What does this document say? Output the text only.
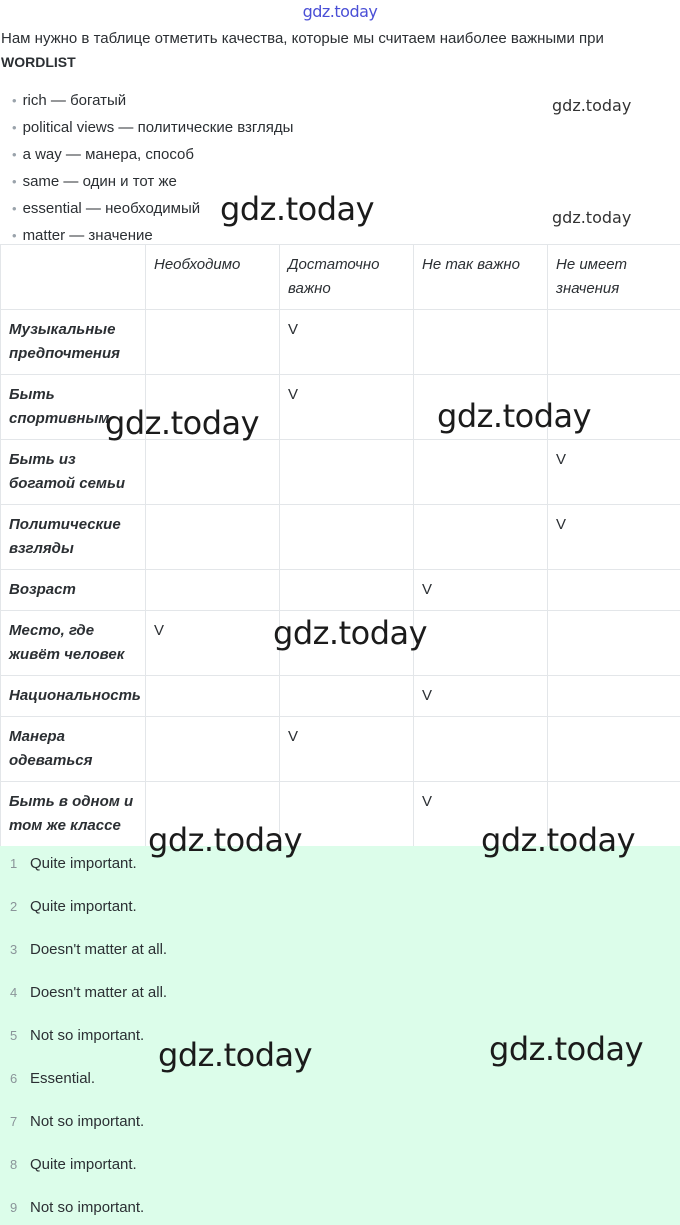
gdz.today
Нам нужно в таблице отметить качества, которые мы считаем наиболее важными при
WORDLIST
• rich — богатый
• political views — политические взгляды
• a way — манера, способ
• same — один и тот же
• essential — необходимый
• matter — значение
	Необходимо	Достаточно важно	Не так важно	Не имеет значения
Музыкальные предпочтения		V		
Быть спортивным		V		
Быть из богатой семьи				V
Политические взгляды				V
Возраст			V	
Место, где живёт человек	V			
Национальность			V	
Манера одеваться		V		
Быть в одном и том же классе			V	
1 Quite important.
2 Quite important.
3 Doesn't matter at all.
4 Doesn't matter at all.
5 Not so important.
6 Essential.
7 Not so important.
8 Quite important.
9 Not so important.
gdz.today
gdz.today	gdz.today
gdz.today	gdz.today
gdz.today
gdz.today	gdz.today
gdz.today	gdz.today
